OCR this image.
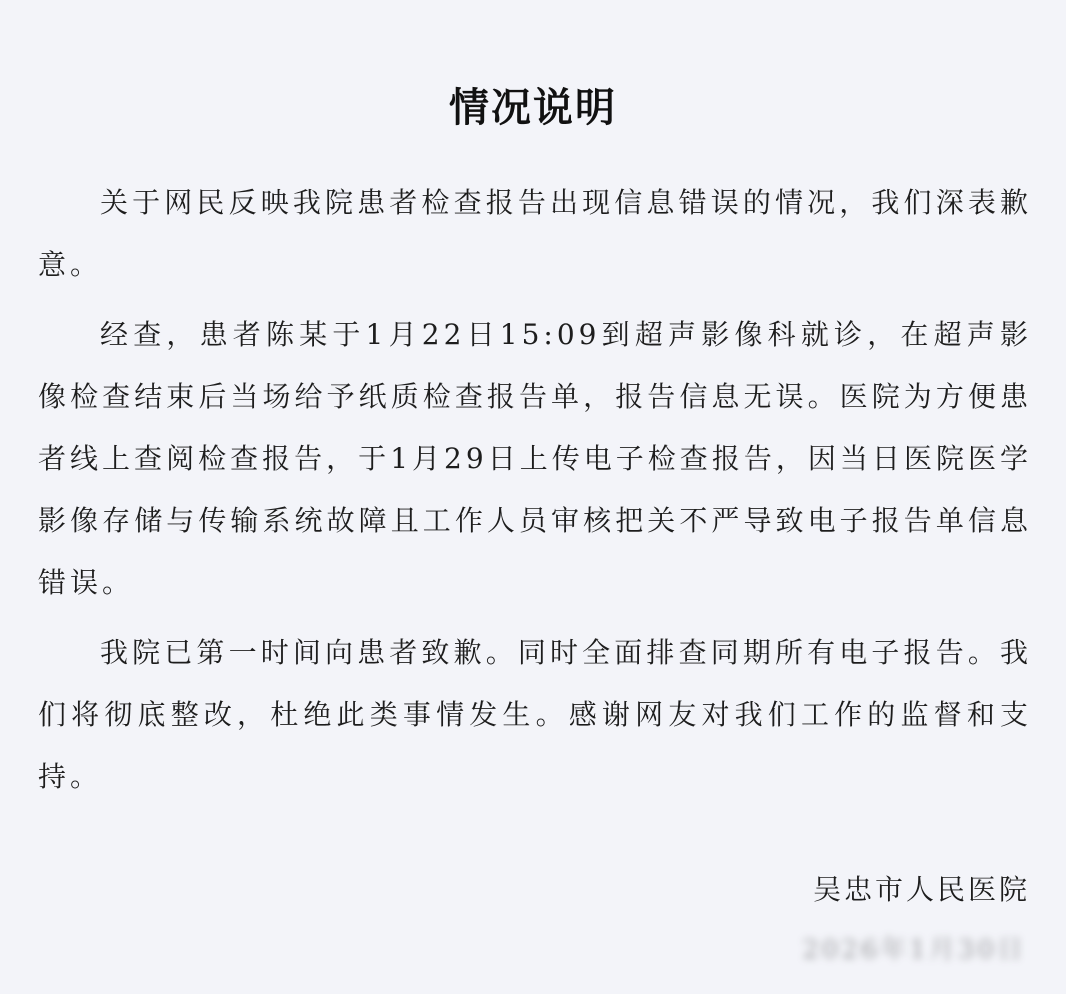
情况说明

关于网民反映我院患者检查报告出现信息错误的情况，我们深表歉意。

经查，患者陈某于1月22日15:09到超声影像科就诊，在超声影像检查结束后当场给予纸质检查报告单，报告信息无误。医院为方便患者线上查阅检查报告，于1月29日上传电子检查报告，因当日医院医学影像存储与传输系统故障且工作人员审核把关不严导致电子报告单信息错误。

我院已第一时间向患者致歉。同时全面排查同期所有电子报告。我们将彻底整改，杜绝此类事情发生。感谢网友对我们工作的监督和支持。

吴忠市人民医院
2026年1月30日
